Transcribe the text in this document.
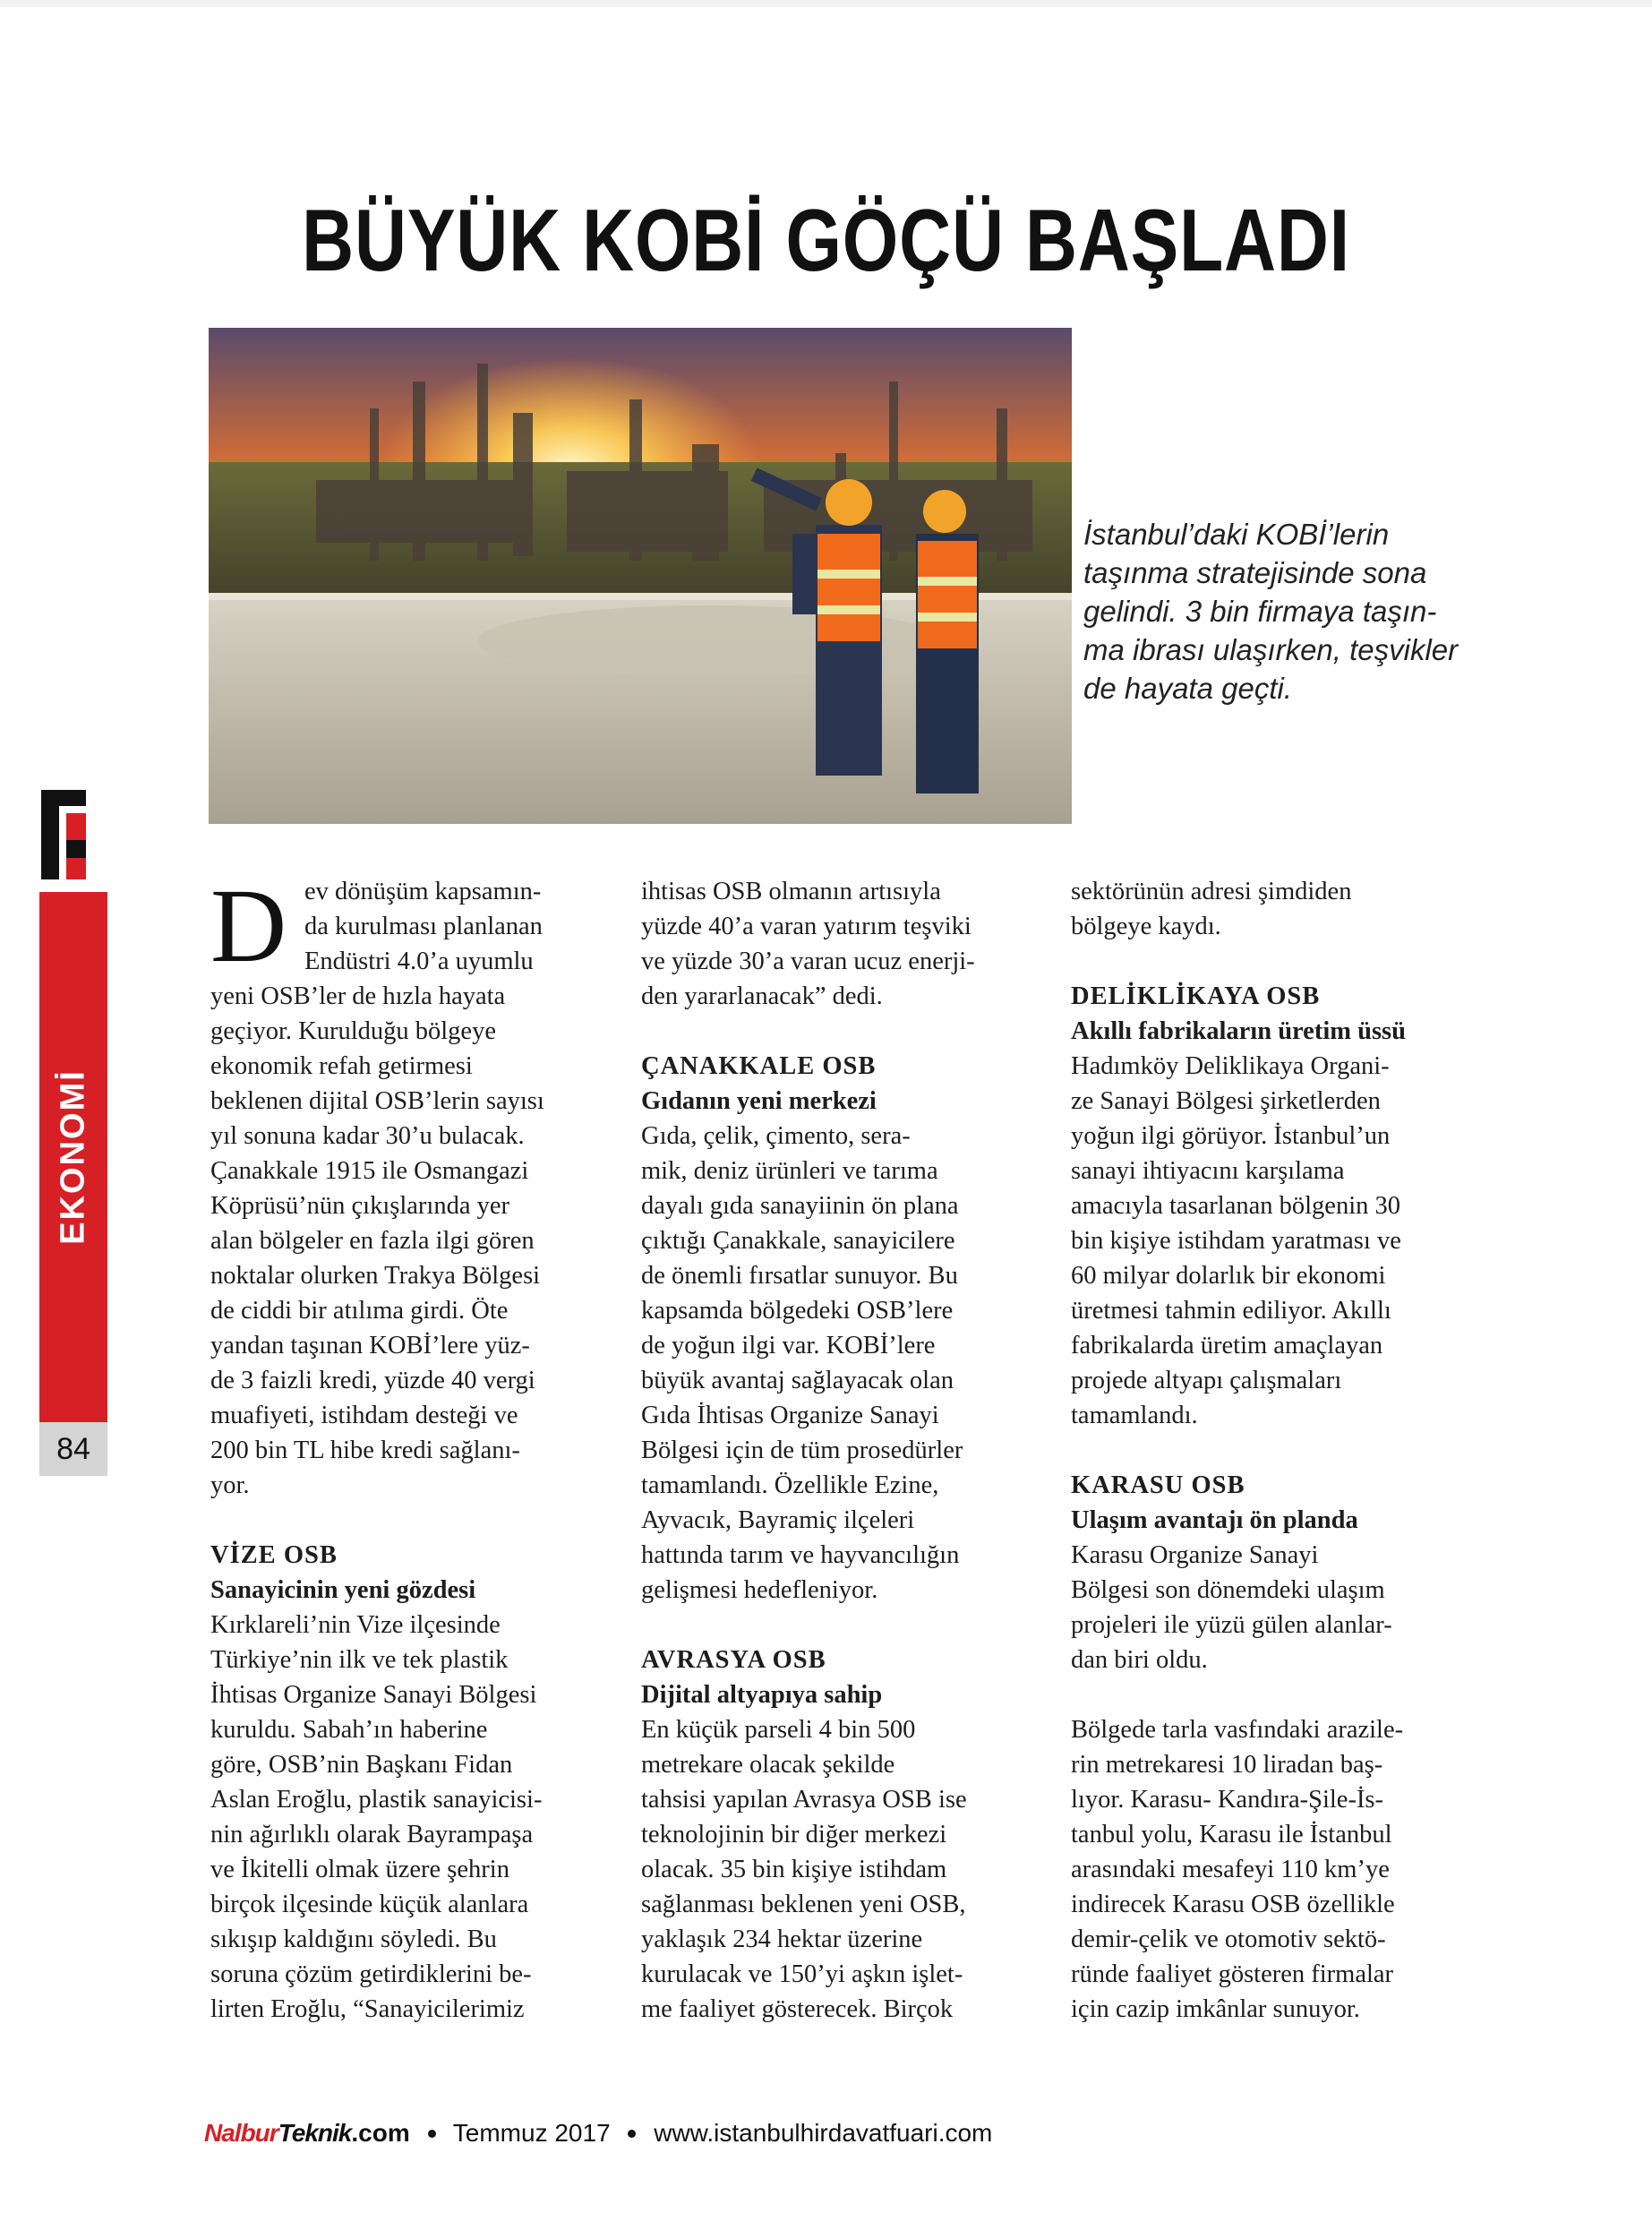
BÜYÜK KOBİ GÖÇÜ BAŞLADI
İstanbul’daki KOBİ’lerin
taşınma stratejisinde sona
gelindi. 3 bin firmaya taşın-
ma ibrası ulaşırken, teşvikler
de hayata geçti.
NT
EKONOMİ
84
D ev dönüşüm kapsamın-
da kurulması planlanan
Endüstri 4.0’a uyumlu
yeni OSB’ler de hızla hayata
geçiyor. Kurulduğu bölgeye
ekonomik refah getirmesi
beklenen dijital OSB’lerin sayısı
yıl sonuna kadar 30’u bulacak.
Çanakkale 1915 ile Osmangazi
Köprüsü’nün çıkışlarında yer
alan bölgeler en fazla ilgi gören
noktalar olurken Trakya Bölgesi
de ciddi bir atılıma girdi. Öte
yandan taşınan KOBİ’lere yüz-
de 3 faizli kredi, yüzde 40 vergi
muafiyeti, istihdam desteği ve
200 bin TL hibe kredi sağlanı-
yor.
VİZE OSB
Sanayicinin yeni gözdesi
Kırklareli’nin Vize ilçesinde
Türkiye’nin ilk ve tek plastik
İhtisas Organize Sanayi Bölgesi
kuruldu. Sabah’ın haberine
göre, OSB’nin Başkanı Fidan
Aslan Eroğlu, plastik sanayicisi-
nin ağırlıklı olarak Bayrampaşa
ve İkitelli olmak üzere şehrin
birçok ilçesinde küçük alanlara
sıkışıp kaldığını söyledi. Bu
soruna çözüm getirdiklerini be-
lirten Eroğlu, “Sanayicilerimiz
ihtisas OSB olmanın artısıyla
yüzde 40’a varan yatırım teşviki
ve yüzde 30’a varan ucuz enerji-
den yararlanacak” dedi.
ÇANAKKALE OSB
Gıdanın yeni merkezi
Gıda, çelik, çimento, sera-
mik, deniz ürünleri ve tarıma
dayalı gıda sanayiinin ön plana
çıktığı Çanakkale, sanayicilere
de önemli fırsatlar sunuyor. Bu
kapsamda bölgedeki OSB’lere
de yoğun ilgi var. KOBİ’lere
büyük avantaj sağlayacak olan
Gıda İhtisas Organize Sanayi
Bölgesi için de tüm prosedürler
tamamlandı. Özellikle Ezine,
Ayvacık, Bayramiç ilçeleri
hattında tarım ve hayvancılığın
gelişmesi hedefleniyor.
AVRASYA OSB
Dijital altyapıya sahip
En küçük parseli 4 bin 500
metrekare olacak şekilde
tahsisi yapılan Avrasya OSB ise
teknolojinin bir diğer merkezi
olacak. 35 bin kişiye istihdam
sağlanması beklenen yeni OSB,
yaklaşık 234 hektar üzerine
kurulacak ve 150’yi aşkın işlet-
me faaliyet gösterecek. Birçok
sektörünün adresi şimdiden
bölgeye kaydı.
DELİKLİKAYA OSB
Akıllı fabrikaların üretim üssü
Hadımköy Deliklikaya Organi-
ze Sanayi Bölgesi şirketlerden
yoğun ilgi görüyor. İstanbul’un
sanayi ihtiyacını karşılama
amacıyla tasarlanan bölgenin 30
bin kişiye istihdam yaratması ve
60 milyar dolarlık bir ekonomi
üretmesi tahmin ediliyor. Akıllı
fabrikalarda üretim amaçlayan
projede altyapı çalışmaları
tamamlandı.
KARASU OSB
Ulaşım avantajı ön planda
Karasu Organize Sanayi
Bölgesi son dönemdeki ulaşım
projeleri ile yüzü gülen alanlar-
dan biri oldu.
Bölgede tarla vasfındaki arazile-
rin metrekaresi 10 liradan baş-
lıyor. Karasu- Kandıra-Şile-İs-
tanbul yolu, Karasu ile İstanbul
arasındaki mesafeyi 110 km’ye
indirecek Karasu OSB özellikle
demir-çelik ve otomotiv sektö-
ründe faaliyet gösteren firmalar
için cazip imkânlar sunuyor.
NalburTeknik.com Temmuz 2017 www.istanbulhirdavatfuari.com
